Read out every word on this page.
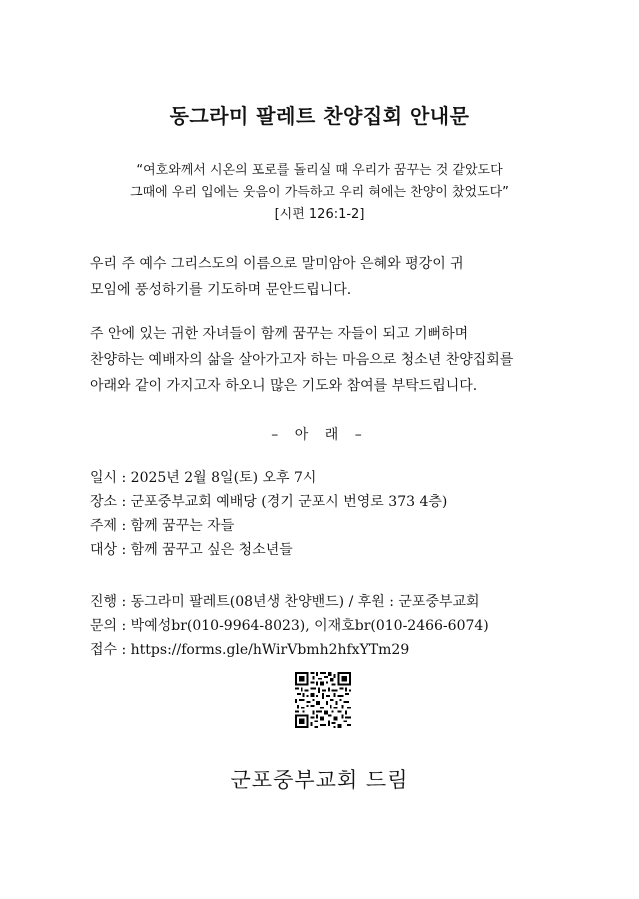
동그라미 팔레트 찬양집회 안내문
“여호와께서 시온의 포로를 돌리실 때 우리가 꿈꾸는 것 같았도다
그때에 우리 입에는 웃음이 가득하고 우리 혀에는 찬양이 찼었도다”
[시편 126:1-2]
우리 주 예수 그리스도의 이름으로 말미암아 은혜와 평강이 귀
모임에 풍성하기를 기도하며 문안드립니다.
주 안에 있는 귀한 자녀들이 함께 꿈꾸는 자들이 되고 기뻐하며
찬양하는 예배자의 삶을 살아가고자 하는 마음으로 청소년 찬양집회를
아래와 같이 가지고자 하오니 많은 기도와 참여를 부탁드립니다.
– 아 래 –
일시 : 2025년 2월 8일(토) 오후 7시
장소 : 군포중부교회 예배당 (경기 군포시 번영로 373 4층)
주제 : 함께 꿈꾸는 자들
대상 : 함께 꿈꾸고 싶은 청소년들
진행 : 동그라미 팔레트(08년생 찬양밴드) / 후원 : 군포중부교회
문의 : 박예성br(010-9964-8023), 이재호br(010-2466-6074)
접수 : https://forms.gle/hWirVbmh2hfxYTm29
군포중부교회 드림
